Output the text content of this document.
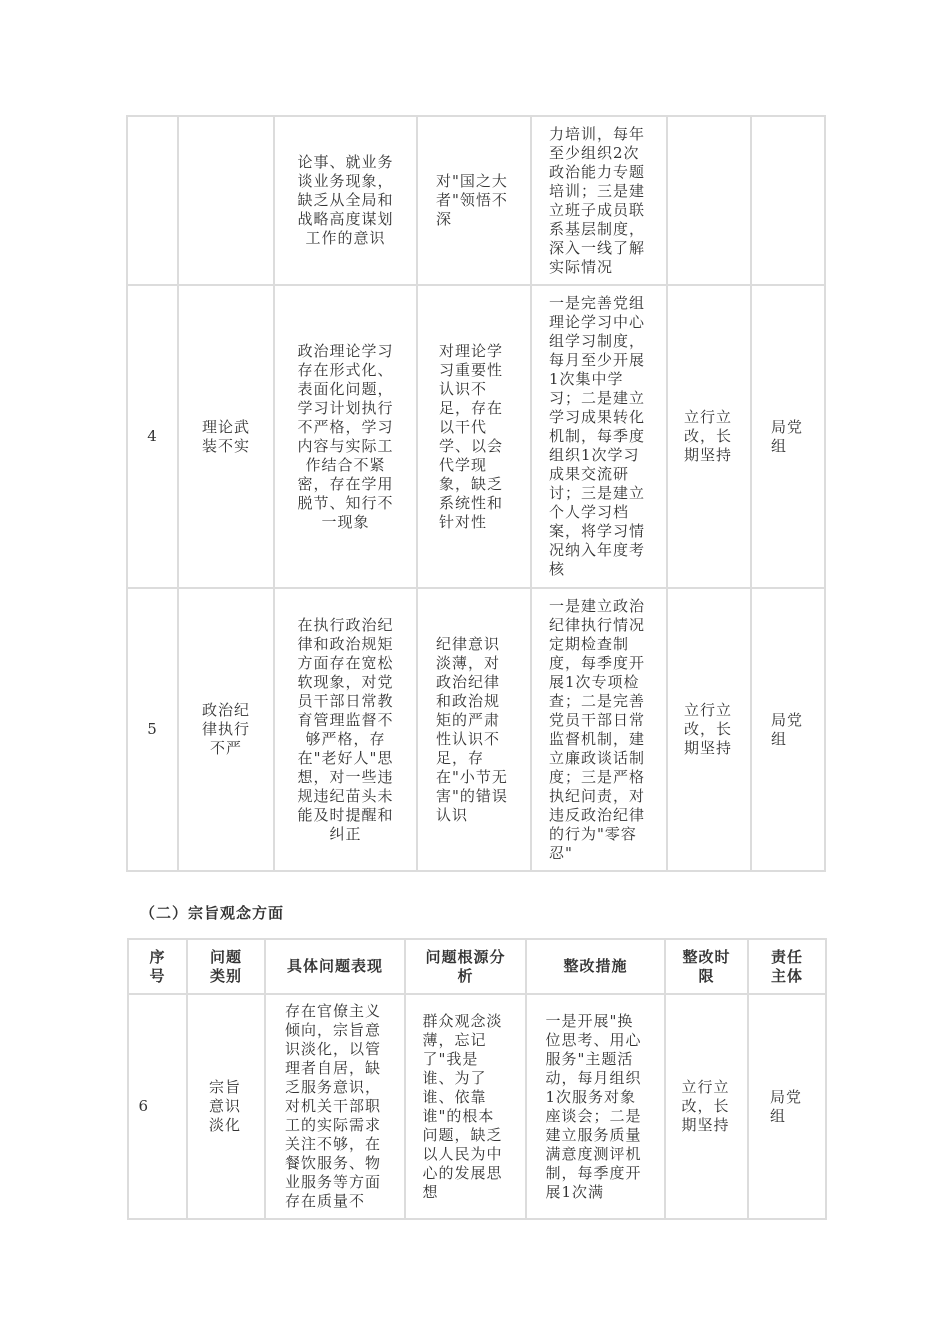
		论事、就业务谈业务现象，缺乏从全局和战略高度谋划工作的意识	对"国之大者"领悟不深	力培训，每年至少组织2次政治能力专题培训；三是建立班子成员联系基层制度，深入一线了解实际情况		

4	理论武装不实	政治理论学习存在形式化、表面化问题，学习计划执行不严格，学习内容与实际工作结合不紧密，存在学用脱节、知行不一现象	对理论学习重要性认识不足，存在以干代学、以会代学现象，缺乏系统性和针对性	一是完善党组理论学习中心组学习制度，每月至少开展1次集中学习；二是建立学习成果转化机制，每季度组织1次学习成果交流研讨；三是建立个人学习档案，将学习情况纳入年度考核	立行立改，长期坚持	局党组

5	政治纪律执行不严	在执行政治纪律和政治规矩方面存在宽松软现象，对党员干部日常教育管理监督不够严格，存在"老好人"思想，对一些违规违纪苗头未能及时提醒和纠正	纪律意识淡薄，对政治纪律和政治规矩的严肃性认识不足，存在"小节无害"的错误认识	一是建立政治纪律执行情况定期检查制度，每季度开展1次专项检查；二是完善党员干部日常监督机制，建立廉政谈话制度；三是严格执纪问责，对违反政治纪律的行为"零容忍"	立行立改，长期坚持	局党组
（二）宗旨观念方面
序号	问题类别	具体问题表现	问题根源分析	整改措施	整改时限	责任主体

6	宗旨意识淡化	存在官僚主义倾向，宗旨意识淡化，以管理者自居，缺乏服务意识，对机关干部职工的实际需求关注不够，在餐饮服务、物业服务等方面存在质量不	群众观念淡薄，忘记了"我是谁、为了谁、依靠谁"的根本问题，缺乏以人民为中心的发展思想	一是开展"换位思考、用心服务"主题活动，每月组织1次服务对象座谈会；二是建立服务质量满意度测评机制，每季度开展1次满	立行立改，长期坚持	局党组
